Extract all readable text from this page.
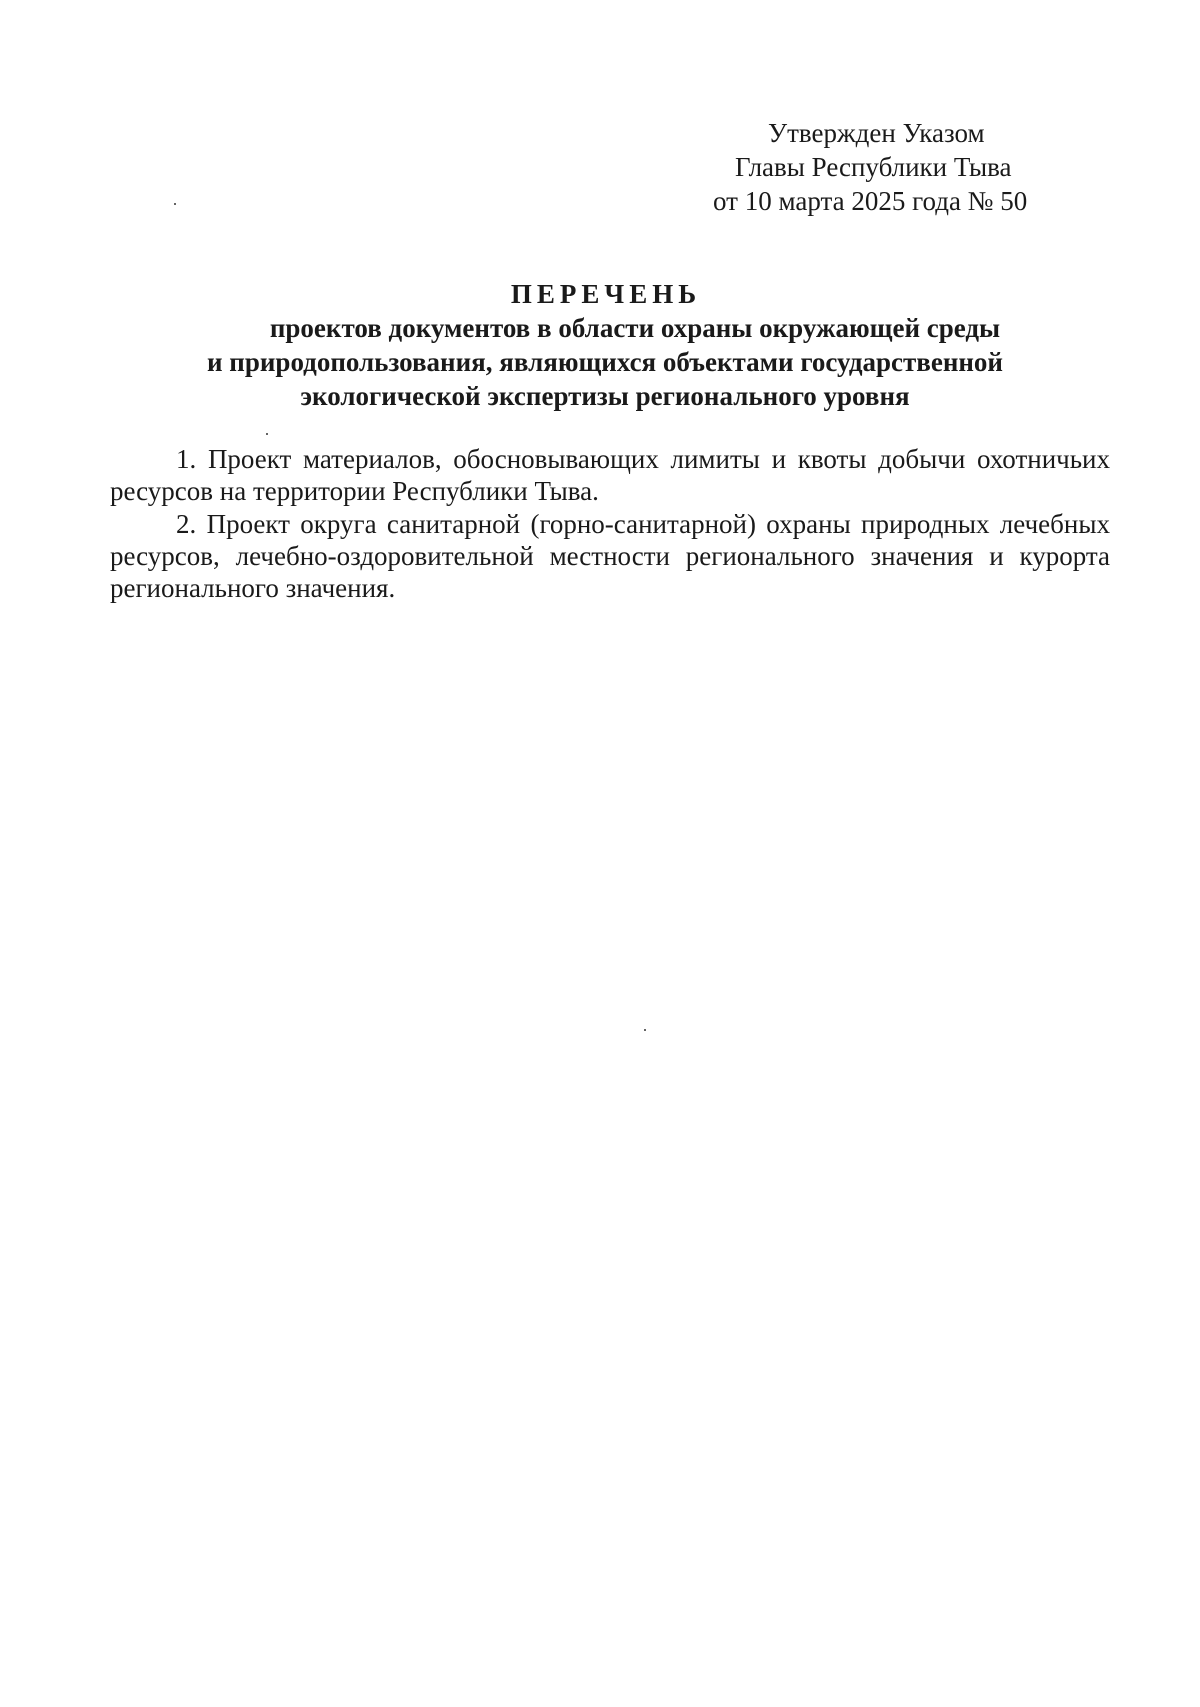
Утвержден Указом
Главы Республики Тыва
от 10 марта 2025 года № 50
ПЕРЕЧЕНЬ
проектов документов в области охраны окружающей среды
и природопользования, являющихся объектами государственной
экологической экспертизы регионального уровня

1. Проект материалов, обосновывающих лимиты и квоты добычи охотничьих ресурсов на территории Республики Тыва.

2. Проект округа санитарной (горно-санитарной) охраны природных лечебных ресурсов, лечебно-оздоровительной местности регионального значения и курорта регионального значения.
